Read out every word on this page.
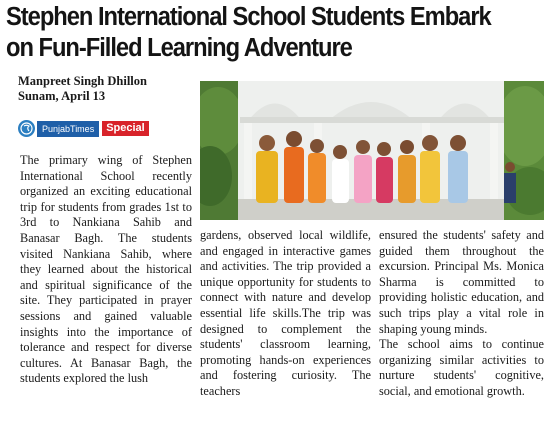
Stephen International School Students Embark
on Fun-Filled Learning Adventure
Manpreet Singh Dhillon
Sunam, April 13
PunjabTimes	Special

The primary wing of Stephen International School recently organized an exciting educational trip for students from grades 1st to 3rd to Nankiana Sahib and Banasar Bagh. The students visited Nankiana Sahib, where they learned about the historical and spiritual significance of the site. They participated in prayer sessions and gained valuable insights into the importance of tolerance and respect for diverse cultures. At Banasar Bagh, the students explored the lush

gardens, observed local wildlife, and engaged in interactive games and activities. The trip provided a unique opportunity for students to connect with nature and develop essential life skills.The trip was designed to complement the students' classroom learning, promoting hands-on experiences and fostering curiosity. The teachers

ensured the students' safety and guided them throughout the excursion. Principal Ms. Monica Sharma is committed to providing holistic education, and such trips play a vital role in shaping young minds.

The school aims to continue organizing similar activities to nurture students' cognitive, social, and emotional growth.
